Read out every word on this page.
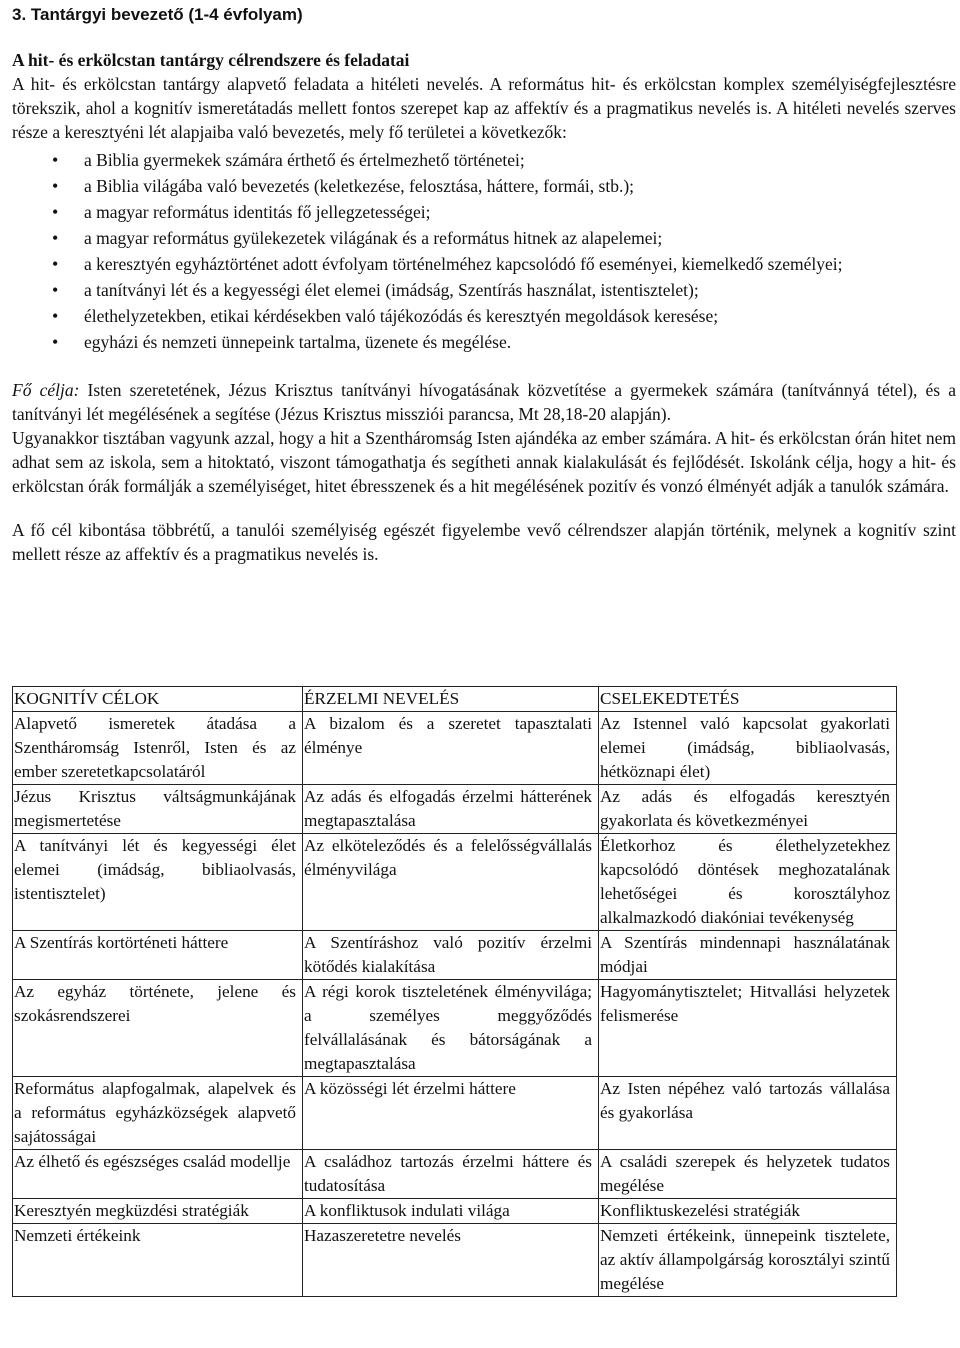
3. Tantárgyi bevezető (1-4 évfolyam)
A hit- és erkölcstan tantárgy célrendszere és feladatai

A hit- és erkölcstan tantárgy alapvető feladata a hitéleti nevelés. A református hit- és erkölcstan komplex személyiségfejlesztésre törekszik, ahol a kognitív ismeretátadás mellett fontos szerepet kap az affektív és a pragmatikus nevelés is. A hitéleti nevelés szerves része a keresztyéni lét alapjaiba való bevezetés, mely fő területei a következők:

• a Biblia gyermekek számára érthető és értelmezhető történetei;
• a Biblia világába való bevezetés (keletkezése, felosztása, háttere, formái, stb.);
• a magyar református identitás fő jellegzetességei;
• a magyar református gyülekezetek világának és a református hitnek az alapelemei;
• a keresztyén egyháztörténet adott évfolyam történelméhez kapcsolódó fő eseményei, kiemelkedő személyei;
• a tanítványi lét és a kegyességi élet elemei (imádság, Szentírás használat, istentisztelet);
• élethelyzetekben, etikai kérdésekben való tájékozódás és keresztyén megoldások keresése;
• egyházi és nemzeti ünnepeink tartalma, üzenete és megélése.

Fő célja: Isten szeretetének, Jézus Krisztus tanítványi hívogatásának közvetítése a gyermekek számára (tanítvánnyá tétel), és a tanítványi lét megélésének a segítése (Jézus Krisztus missziói parancsa, Mt 28,18-20 alapján).

Ugyanakkor tisztában vagyunk azzal, hogy a hit a Szentháromság Isten ajándéka az ember számára. A hit- és erkölcstan órán hitet nem adhat sem az iskola, sem a hitoktató, viszont támogathatja és segítheti annak kialakulását és fejlődését. Iskolánk célja, hogy a hit- és erkölcstan órák formálják a személyiséget, hitet ébresszenek és a hit megélésének pozitív és vonzó élményét adják a tanulók számára.

A fő cél kibontása többrétű, a tanulói személyiség egészét figyelembe vevő célrendszer alapján történik, melynek a kognitív szint mellett része az affektív és a pragmatikus nevelés is.

KOGNITÍV CÉLOK	ÉRZELMI NEVELÉS	CSELEKEDTETÉS
Alapvető ismeretek átadása a Szentháromság Istenről, Isten és az ember szeretetkapcsolatáról	A bizalom és a szeretet tapasztalati élménye	Az Istennel való kapcsolat gyakorlati elemei (imádság, bibliaolvasás, hétköznapi élet)
Jézus Krisztus váltságmunkájának megismertetése	Az adás és elfogadás érzelmi hátterének megtapasztalása	Az adás és elfogadás keresztyén gyakorlata és következményei
A tanítványi lét és kegyességi élet elemei (imádság, bibliaolvasás, istentisztelet)	Az elköteleződés és a felelősségvállalás élményvilága	Életkorhoz és élethelyzetekhez kapcsolódó döntések meghozatalának lehetőségei és korosztályhoz alkalmazkodó diakóniai tevékenység
A Szentírás kortörténeti háttere	A Szentíráshoz való pozitív érzelmi kötődés kialakítása	A Szentírás mindennapi használatának módjai
Az egyház története, jelene és szokásrendszerei	A régi korok tiszteletének élményvilága; a személyes meggyőződés felvállalásának és bátorságának a megtapasztalása	Hagyománytisztelet; Hitvallási helyzetek felismerése
Református alapfogalmak, alapelvek és a református egyházközségek alapvető sajátosságai	A közösségi lét érzelmi háttere	Az Isten népéhez való tartozás vállalása és gyakorlása
Az élhető és egészséges család modellje	A családhoz tartozás érzelmi háttere és tudatosítása	A családi szerepek és helyzetek tudatos megélése
Keresztyén megküzdési stratégiák	A konfliktusok indulati világa	Konfliktuskezelési stratégiák
Nemzeti értékeink	Hazaszeretetre nevelés	Nemzeti értékeink, ünnepeink tisztelete, az aktív állampolgárság korosztályi szintű megélése
